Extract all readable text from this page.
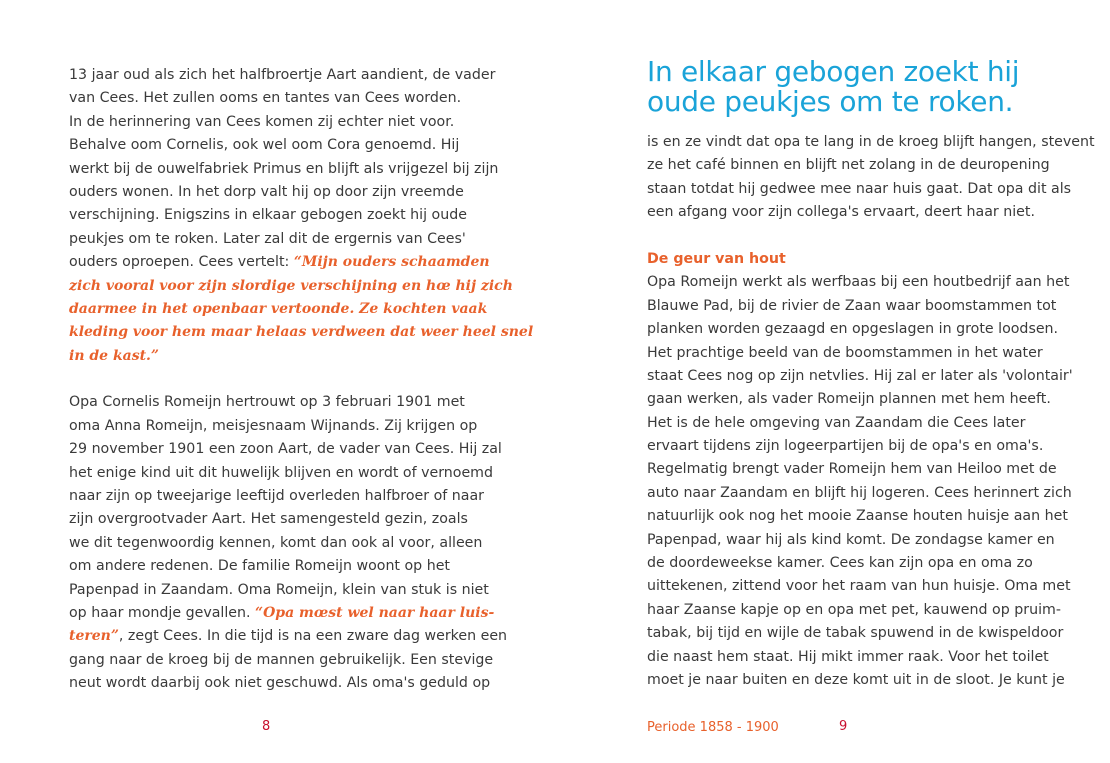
13 jaar oud als zich het halfbroertje Aart aandient, de vader
van Cees. Het zullen ooms en tantes van Cees worden.
In de herinnering van Cees komen zij echter niet voor.
Behalve oom Cornelis, ook wel oom Cora genoemd. Hij
werkt bij de ouwelfabriek Primus en blijft als vrijgezel bij zijn
ouders wonen. In het dorp valt hij op door zijn vreemde
verschijning. Enigszins in elkaar gebogen zoekt hij oude
peukjes om te roken. Later zal dit de ergernis van Cees'
ouders oproepen. Cees vertelt: “Mijn ouders schaamden
zich vooral voor zijn slordige verschijning en hœ hij zich
daarmee in het openbaar vertoonde. Ze kochten vaak
kleding voor hem maar helaas verdween dat weer heel snel
in de kast.”
Opa Cornelis Romeijn hertrouwt op 3 februari 1901 met
oma Anna Romeijn, meisjesnaam Wijnands. Zij krijgen op
29 november 1901 een zoon Aart, de vader van Cees. Hij zal
het enige kind uit dit huwelijk blijven en wordt of vernoemd
naar zijn op tweejarige leeftijd overleden halfbroer of naar
zijn overgrootvader Aart. Het samengesteld gezin, zoals
we dit tegenwoordig kennen, komt dan ook al voor, alleen
om andere redenen. De familie Romeijn woont op het
Papenpad in Zaandam. Oma Romeijn, klein van stuk is niet
op haar mondje gevallen. “Opa mœst wel naar haar luis-
teren”, zegt Cees. In die tijd is na een zware dag werken een
gang naar de kroeg bij de mannen gebruikelijk. Een stevige
neut wordt daarbij ook niet geschuwd. Als oma's geduld op
8
In elkaar gebogen zoekt hij
oude peukjes om te roken.
is en ze vindt dat opa te lang in de kroeg blijft hangen, stevent
ze het café binnen en blijft net zolang in de deuropening
staan totdat hij gedwee mee naar huis gaat. Dat opa dit als
een afgang voor zijn collega's ervaart, deert haar niet.
De geur van hout
Opa Romeijn werkt als werfbaas bij een houtbedrijf aan het
Blauwe Pad, bij de rivier de Zaan waar boomstammen tot
planken worden gezaagd en opgeslagen in grote loodsen.
Het prachtige beeld van de boomstammen in het water
staat Cees nog op zijn netvlies. Hij zal er later als 'volontair'
gaan werken, als vader Romeijn plannen met hem heeft.
Het is de hele omgeving van Zaandam die Cees later
ervaart tijdens zijn logeerpartijen bij de opa's en oma's.
Regelmatig brengt vader Romeijn hem van Heiloo met de
auto naar Zaandam en blijft hij logeren. Cees herinnert zich
natuurlijk ook nog het mooie Zaanse houten huisje aan het
Papenpad, waar hij als kind komt. De zondagse kamer en
de doordeweekse kamer. Cees kan zijn opa en oma zo
uittekenen, zittend voor het raam van hun huisje. Oma met
haar Zaanse kapje op en opa met pet, kauwend op pruim-
tabak, bij tijd en wijle de tabak spuwend in de kwispeldoor
die naast hem staat. Hij mikt immer raak. Voor het toilet
moet je naar buiten en deze komt uit in de sloot. Je kunt je
Periode 1858 - 1900	9
